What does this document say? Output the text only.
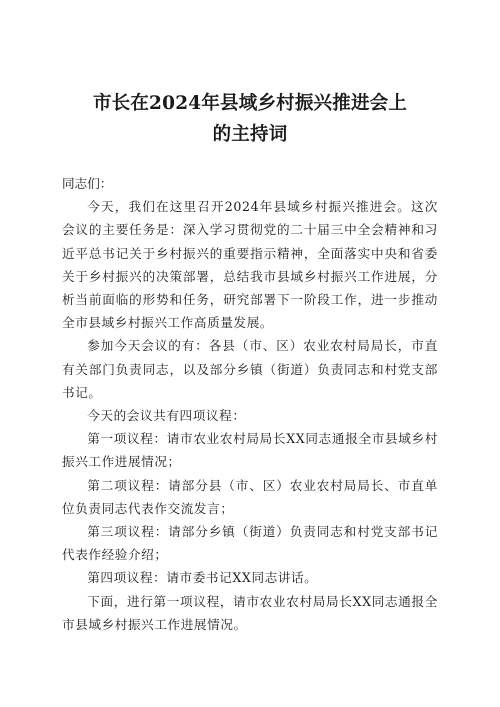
市长在2024年县域乡村振兴推进会上的主持词

同志们：

今天，我们在这里召开2024年县域乡村振兴推进会。这次会议的主要任务是：深入学习贯彻党的二十届三中全会精神和习近平总书记关于乡村振兴的重要指示精神，全面落实中央和省委关于乡村振兴的决策部署，总结我市县域乡村振兴工作进展，分析当前面临的形势和任务，研究部署下一阶段工作，进一步推动全市县域乡村振兴工作高质量发展。

参加今天会议的有：各县（市、区）农业农村局局长，市直有关部门负责同志，以及部分乡镇（街道）负责同志和村党支部书记。

今天的会议共有四项议程：

第一项议程：请市农业农村局局长XX同志通报全市县域乡村振兴工作进展情况；

第二项议程：请部分县（市、区）农业农村局局长、市直单位负责同志代表作交流发言；

第三项议程：请部分乡镇（街道）负责同志和村党支部书记代表作经验介绍；

第四项议程：请市委书记XX同志讲话。

下面，进行第一项议程，请市农业农村局局长XX同志通报全市县域乡村振兴工作进展情况。
